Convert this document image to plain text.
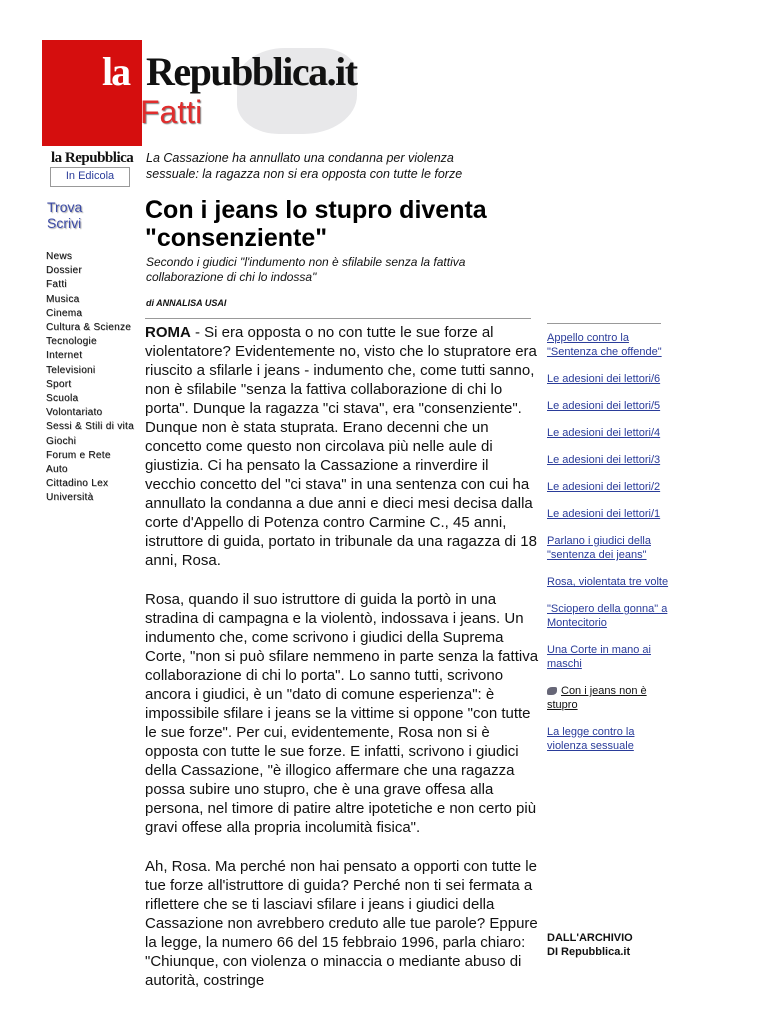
la Repubblica.it
Fatti
la Repubblica
In Edicola
Trova
Scrivi
News
Dossier
Fatti
Musica
Cinema
Cultura & Scienze
Tecnologie
Internet
Televisioni
Sport
Scuola
Volontariato
Sessi & Stili di vita
Giochi
Forum e Rete
Auto
Cittadino Lex
Università
La Cassazione ha annullato una condanna per violenza sessuale: la ragazza non si era opposta con tutte le forze
Con i jeans lo stupro diventa "consenziente"
Secondo i giudici "l'indumento non è sfilabile senza la fattiva collaborazione di chi lo indossa"
di ANNALISA USAI

ROMA - Si era opposta o no con tutte le sue forze al violentatore? Evidentemente no, visto che lo stupratore era riuscito a sfilarle i jeans - indumento che, come tutti sanno, non è sfilabile "senza la fattiva collaborazione di chi lo porta". Dunque la ragazza "ci stava", era "consenziente". Dunque non è stata stuprata. Erano decenni che un concetto come questo non circolava più nelle aule di giustizia. Ci ha pensato la Cassazione a rinverdire il vecchio concetto del "ci stava" in una sentenza con cui ha annullato la condanna a due anni e dieci mesi decisa dalla corte d'Appello di Potenza contro Carmine C., 45 anni, istruttore di guida, portato in tribunale da una ragazza di 18 anni, Rosa.

Rosa, quando il suo istruttore di guida la portò in una stradina di campagna e la violentò, indossava i jeans. Un indumento che, come scrivono i giudici della Suprema Corte, "non si può sfilare nemmeno in parte senza la fattiva collaborazione di chi lo porta". Lo sanno tutti, scrivono ancora i giudici, è un "dato di comune esperienza": è impossibile sfilare i jeans se la vittime si oppone "con tutte le sue forze". Per cui, evidentemente, Rosa non si è opposta con tutte le sue forze. E infatti, scrivono i giudici della Cassazione, "è illogico affermare che una ragazza possa subire uno stupro, che è una grave offesa alla persona, nel timore di patire altre ipotetiche e non certo più gravi offese alla propria incolumità fisica".

Ah, Rosa. Ma perché non hai pensato a opporti con tutte le tue forze all'istruttore di guida? Perché non ti sei fermata a riflettere che se ti lasciavi sfilare i jeans i giudici della Cassazione non avrebbero creduto alle tue parole? Eppure la legge, la numero 66 del 15 febbraio 1996, parla chiaro: "Chiunque, con violenza o minaccia o mediante abuso di autorità, costringe

Appello contro la "Sentenza che offende"
Le adesioni dei lettori/6
Le adesioni dei lettori/5
Le adesioni dei lettori/4
Le adesioni dei lettori/3
Le adesioni dei lettori/2
Le adesioni dei lettori/1
Parlano i giudici della "sentenza dei jeans"
Rosa, violentata tre volte
"Sciopero della gonna" a Montecitorio
Una Corte in mano ai maschi
Con i jeans non è stupro
La legge contro la violenza sessuale
DALL'ARCHIVIO
DI Repubblica.it
